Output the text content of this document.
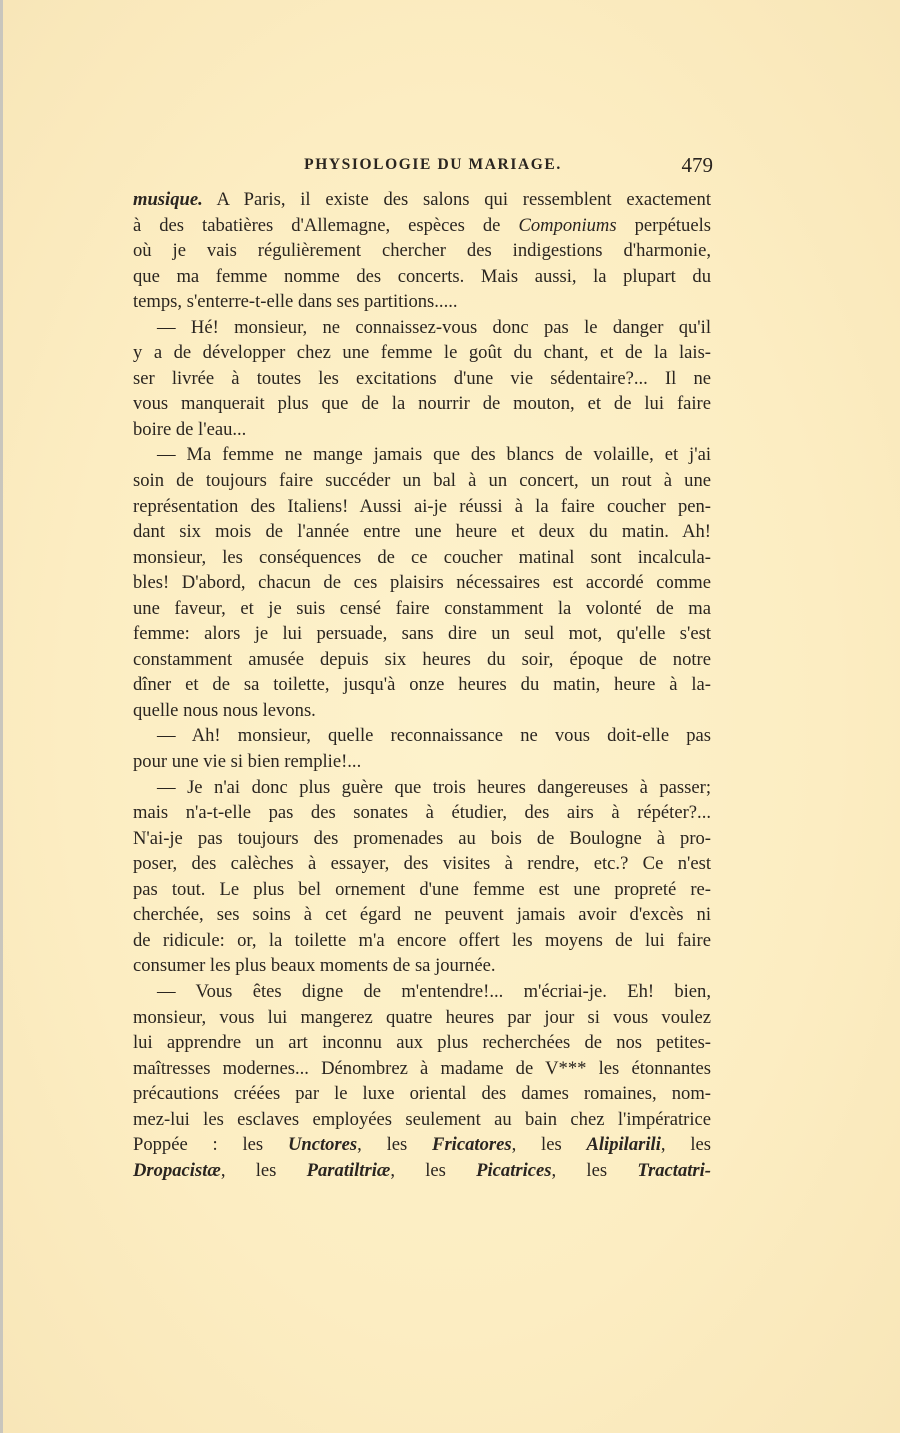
PHYSIOLOGIE DU MARIAGE.	479
musique. A Paris, il existe des salons qui ressemblent exactement
à des tabatières d'Allemagne, espèces de Componiums perpétuels
où je vais régulièrement chercher des indigestions d'harmonie,
que ma femme nomme des concerts. Mais aussi, la plupart du
temps, s'enterre-t-elle dans ses partitions.....
— Hé! monsieur, ne connaissez-vous donc pas le danger qu'il
y a de développer chez une femme le goût du chant, et de la lais-
ser livrée à toutes les excitations d'une vie sédentaire?... Il ne
vous manquerait plus que de la nourrir de mouton, et de lui faire
boire de l'eau...
— Ma femme ne mange jamais que des blancs de volaille, et j'ai
soin de toujours faire succéder un bal à un concert, un rout à une
représentation des Italiens! Aussi ai-je réussi à la faire coucher pen-
dant six mois de l'année entre une heure et deux du matin. Ah!
monsieur, les conséquences de ce coucher matinal sont incalcula-
bles! D'abord, chacun de ces plaisirs nécessaires est accordé comme
une faveur, et je suis censé faire constamment la volonté de ma
femme: alors je lui persuade, sans dire un seul mot, qu'elle s'est
constamment amusée depuis six heures du soir, époque de notre
dîner et de sa toilette, jusqu'à onze heures du matin, heure à la-
quelle nous nous levons.
— Ah! monsieur, quelle reconnaissance ne vous doit-elle pas
pour une vie si bien remplie!...
— Je n'ai donc plus guère que trois heures dangereuses à passer;
mais n'a-t-elle pas des sonates à étudier, des airs à répéter?...
N'ai-je pas toujours des promenades au bois de Boulogne à pro-
poser, des calèches à essayer, des visites à rendre, etc.? Ce n'est
pas tout. Le plus bel ornement d'une femme est une propreté re-
cherchée, ses soins à cet égard ne peuvent jamais avoir d'excès ni
de ridicule: or, la toilette m'a encore offert les moyens de lui faire
consumer les plus beaux moments de sa journée.
— Vous êtes digne de m'entendre!... m'écriai-je. Eh! bien,
monsieur, vous lui mangerez quatre heures par jour si vous voulez
lui apprendre un art inconnu aux plus recherchées de nos petites-
maîtresses modernes... Dénombrez à madame de V*** les étonnantes
précautions créées par le luxe oriental des dames romaines, nom-
mez-lui les esclaves employées seulement au bain chez l'impératrice
Poppée : les Unctores, les Fricatores, les Alipilarili, les
Dropacistæ, les Paratiltriæ, les Picatrices, les Tractatri-
